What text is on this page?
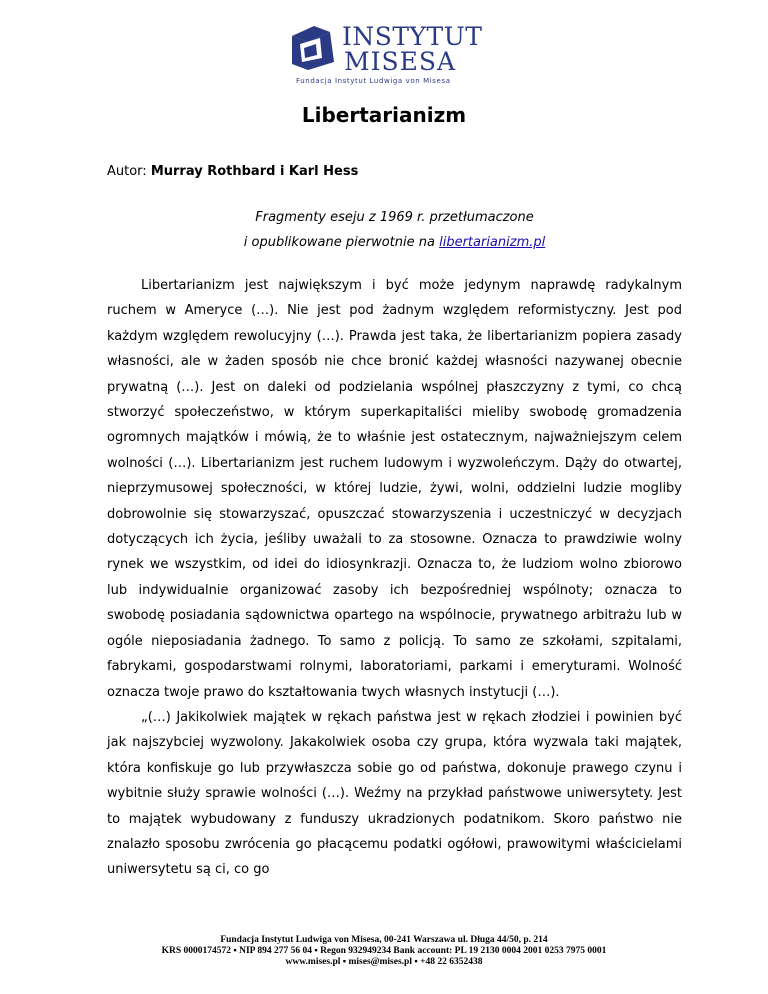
INSTYTUT
MISESA
Fundacja Instytut Ludwiga von Misesa
Libertarianizm
Autor: Murray Rothbard i Karl Hess
Fragmenty eseju z 1969 r. przetłumaczone
i opublikowane pierwotnie na libertarianizm.pl

Libertarianizm jest największym i być może jedynym naprawdę radykalnym ruchem w Ameryce (…). Nie jest pod żadnym względem reformistyczny. Jest pod każdym względem rewolucyjny (…). Prawda jest taka, że libertarianizm popiera zasady własności, ale w żaden sposób nie chce bronić każdej własności nazywanej obecnie prywatną (…). Jest on daleki od podzielania wspólnej płaszczyzny z tymi, co chcą stworzyć społeczeństwo, w którym superkapitaliści mieliby swobodę gromadzenia ogromnych majątków i mówią, że to właśnie jest ostatecznym, najważniejszym celem wolności (…). Libertarianizm jest ruchem ludowym i wyzwoleńczym. Dąży do otwartej, nieprzymusowej społeczności, w której ludzie, żywi, wolni, oddzielni ludzie mogliby dobrowolnie się stowarzyszać, opuszczać stowarzyszenia i uczestniczyć w decyzjach dotyczących ich życia, jeśliby uważali to za stosowne. Oznacza to prawdziwie wolny rynek we wszystkim, od idei do idiosynkrazji. Oznacza to, że ludziom wolno zbiorowo lub indywidualnie organizować zasoby ich bezpośredniej wspólnoty; oznacza to swobodę posiadania sądownictwa opartego na wspólnocie, prywatnego arbitrażu lub w ogóle nieposiadania żadnego. To samo z policją. To samo ze szkołami, szpitalami, fabrykami, gospodarstwami rolnymi, laboratoriami, parkami i emeryturami. Wolność oznacza twoje prawo do kształtowania twych własnych instytucji (…).

„(…) Jakikolwiek majątek w rękach państwa jest w rękach złodziei i powinien być jak najszybciej wyzwolony. Jakakolwiek osoba czy grupa, która wyzwala taki majątek, która konfiskuje go lub przywłaszcza sobie go od państwa, dokonuje prawego czynu i wybitnie służy sprawie wolności (…). Weźmy na przykład państwowe uniwersytety. Jest to majątek wybudowany z funduszy ukradzionych podatnikom. Skoro państwo nie znalazło sposobu zwrócenia go płacącemu podatki ogółowi, prawowitymi właścicielami uniwersytetu są ci, co go

Fundacja Instytut Ludwiga von Misesa, 00-241 Warszawa ul. Długa 44/50, p. 214
KRS 0000174572 ▪ NIP 894 277 56 04 ▪ Regon 932949234 Bank account: PL 19 2130 0004 2001 0253 7975 0001
www.mises.pl ▪ mises@mises.pl ▪ +48 22 6352438
